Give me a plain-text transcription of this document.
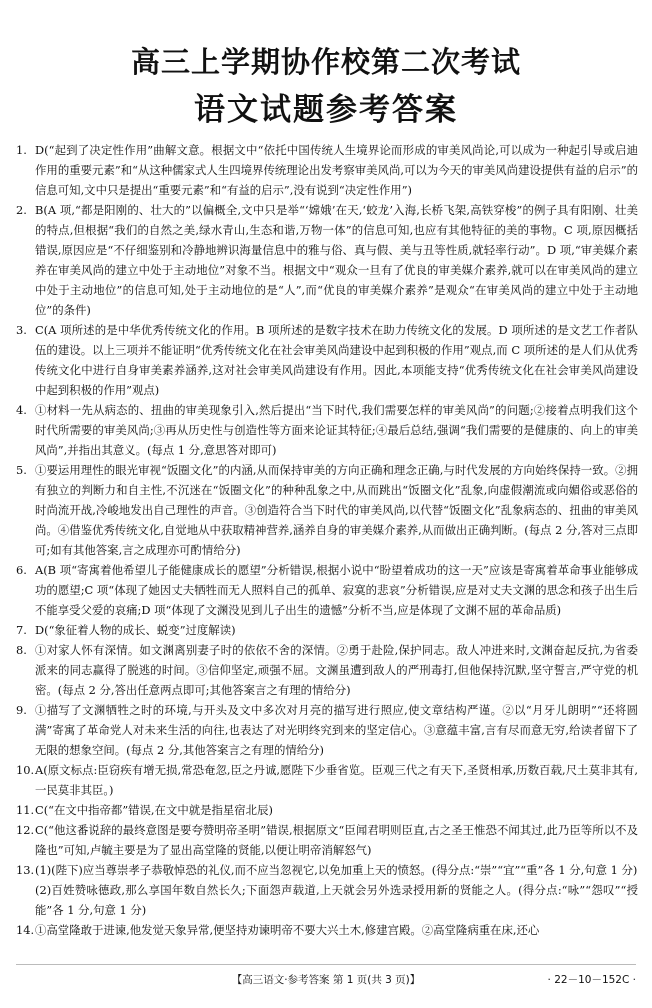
高三上学期协作校第二次考试
语文试题参考答案
1. D(“起到了决定性作用”曲解文意。根据文中“依托中国传统人生境界论而形成的审美风尚论,可以成为一种起引导或启迪作用的重要元素”和“从这种儒家式人生四境界传统理论出发考察审美风尚,可以为今天的审美风尚建设提供有益的启示”的信息可知,文中只是提出“重要元素”和“有益的启示”,没有说到“决定性作用”)
2. B(A 项,“都是阳刚的、壮大的”以偏概全,文中只是举“‘嫦娥’在天,‘蛟龙’入海,长桥飞架,高铁穿梭”的例子具有阳刚、壮美的特点,但根据“我们的自然之美,绿水青山,生态和谐,万物一体”的信息可知,也应有其他特征的美的事物。C 项,原因概括错误,原因应是“不仔细鉴别和冷静地辨识海量信息中的雅与俗、真与假、美与丑等性质,就轻率行动”。D 项,“审美媒介素养在审美风尚的建立中处于主动地位”对象不当。根据文中“观众一旦有了优良的审美媒介素养,就可以在审美风尚的建立中处于主动地位”的信息可知,处于主动地位的是“人”,而“优良的审美媒介素养”是观众“在审美风尚的建立中处于主动地位”的条件)
3. C(A 项所述的是中华优秀传统文化的作用。B 项所述的是数字技术在助力传统文化的发展。D 项所述的是文艺工作者队伍的建设。以上三项并不能证明“优秀传统文化在社会审美风尚建设中起到积极的作用”观点,而 C 项所述的是人们从优秀传统文化中进行自身审美素养涵养,这对社会审美风尚建设有作用。因此,本项能支持“优秀传统文化在社会审美风尚建设中起到积极的作用”观点)
4. ①材料一先从病态的、扭曲的审美现象引入,然后提出“当下时代,我们需要怎样的审美风尚”的问题;②接着点明我们这个时代所需要的审美风尚;③再从历史性与创造性等方面来论证其特征;④最后总结,强调“我们需要的是健康的、向上的审美风尚”,并指出其意义。(每点 1 分,意思答对即可)
5. ①要运用理性的眼光审视“饭圈文化”的内涵,从而保持审美的方向正确和理念正确,与时代发展的方向始终保持一致。②拥有独立的判断力和自主性,不沉迷在“饭圈文化”的种种乱象之中,从而跳出“饭圈文化”乱象,向虚假潮流或向媚俗或恶俗的时尚流开战,冷峻地发出自己理性的声音。③创造符合当下时代的审美风尚,以代替“饭圈文化”乱象病态的、扭曲的审美风尚。④借鉴优秀传统文化,自觉地从中获取精神营养,涵养自身的审美媒介素养,从而做出正确判断。(每点 2 分,答对三点即可;如有其他答案,言之成理亦可酌情给分)
6. A(B 项“寄寓着他希望儿子能健康成长的愿望”分析错误,根据小说中“盼望着成功的这一天”应该是寄寓着革命事业能够成功的愿望;C 项“体现了她因丈夫牺牲而无人照料自己的孤单、寂寞的悲哀”分析错误,应是对丈夫文渊的思念和孩子出生后不能享受父爱的哀痛;D 项“体现了文渊没见到儿子出生的遗憾”分析不当,应是体现了文渊不屈的革命品质)
7. D(“象征着人物的成长、蜕变”过度解读)
8. ①对家人怀有深情。如文渊离别妻子时的依依不舍的深情。②勇于赴险,保护同志。敌人冲进来时,文渊奋起反抗,为省委派来的同志赢得了脱逃的时间。③信仰坚定,顽强不屈。文渊虽遭到敌人的严刑毒打,但他保持沉默,坚守誓言,严守党的机密。(每点 2 分,答出任意两点即可;其他答案言之有理的情给分)
9. ①描写了文渊牺牲之时的环境,与开头及文中多次对月亮的描写进行照应,使文章结构严谨。②以“月牙儿朗明”“还将圆满”寄寓了革命党人对未来生活的向往,也表达了对光明终究到来的坚定信心。③意蕴丰富,言有尽而意无穷,给读者留下了无限的想象空间。(每点 2 分,其他答案言之有理的情给分)
10. A(原文标点:臣窃疾有增无损,常恐奄忽,臣之丹诚,愿陛下少垂省览。臣观三代之有天下,圣贤相承,历数百载,尺土莫非其有,一民莫非其臣。)
11. C(“在文中指帝都”错误,在文中就是指星宿北辰)
12. C(“他这番说辞的最终意图是要夸赞明帝圣明”错误,根据原文“臣闻君明则臣直,古之圣王惟恐不闻其过,此乃臣等所以不及隆也”可知,卢毓主要是为了显出高堂隆的贤能,以便让明帝消解怒气)
13. (1)(陛下)应当尊崇孝子恭敬悼恐的礼仪,而不应当忽视它,以免加重上天的愤怒。(得分点:“崇”“宜”“重”各 1 分,句意 1 分)
(2)百姓赞咏德政,那么享国年数自然长久;下面怨声载道,上天就会另外选录授用新的贤能之人。(得分点:“咏”“怨叹”“授能”各 1 分,句意 1 分)
14. ①高堂隆敢于进谏,他发觉天象异常,便坚持劝谏明帝不要大兴土木,修建宫殿。②高堂隆病重在床,还心
【高三语文·参考答案 第 1 页(共 3 页)】	· 22－10－152C ·
